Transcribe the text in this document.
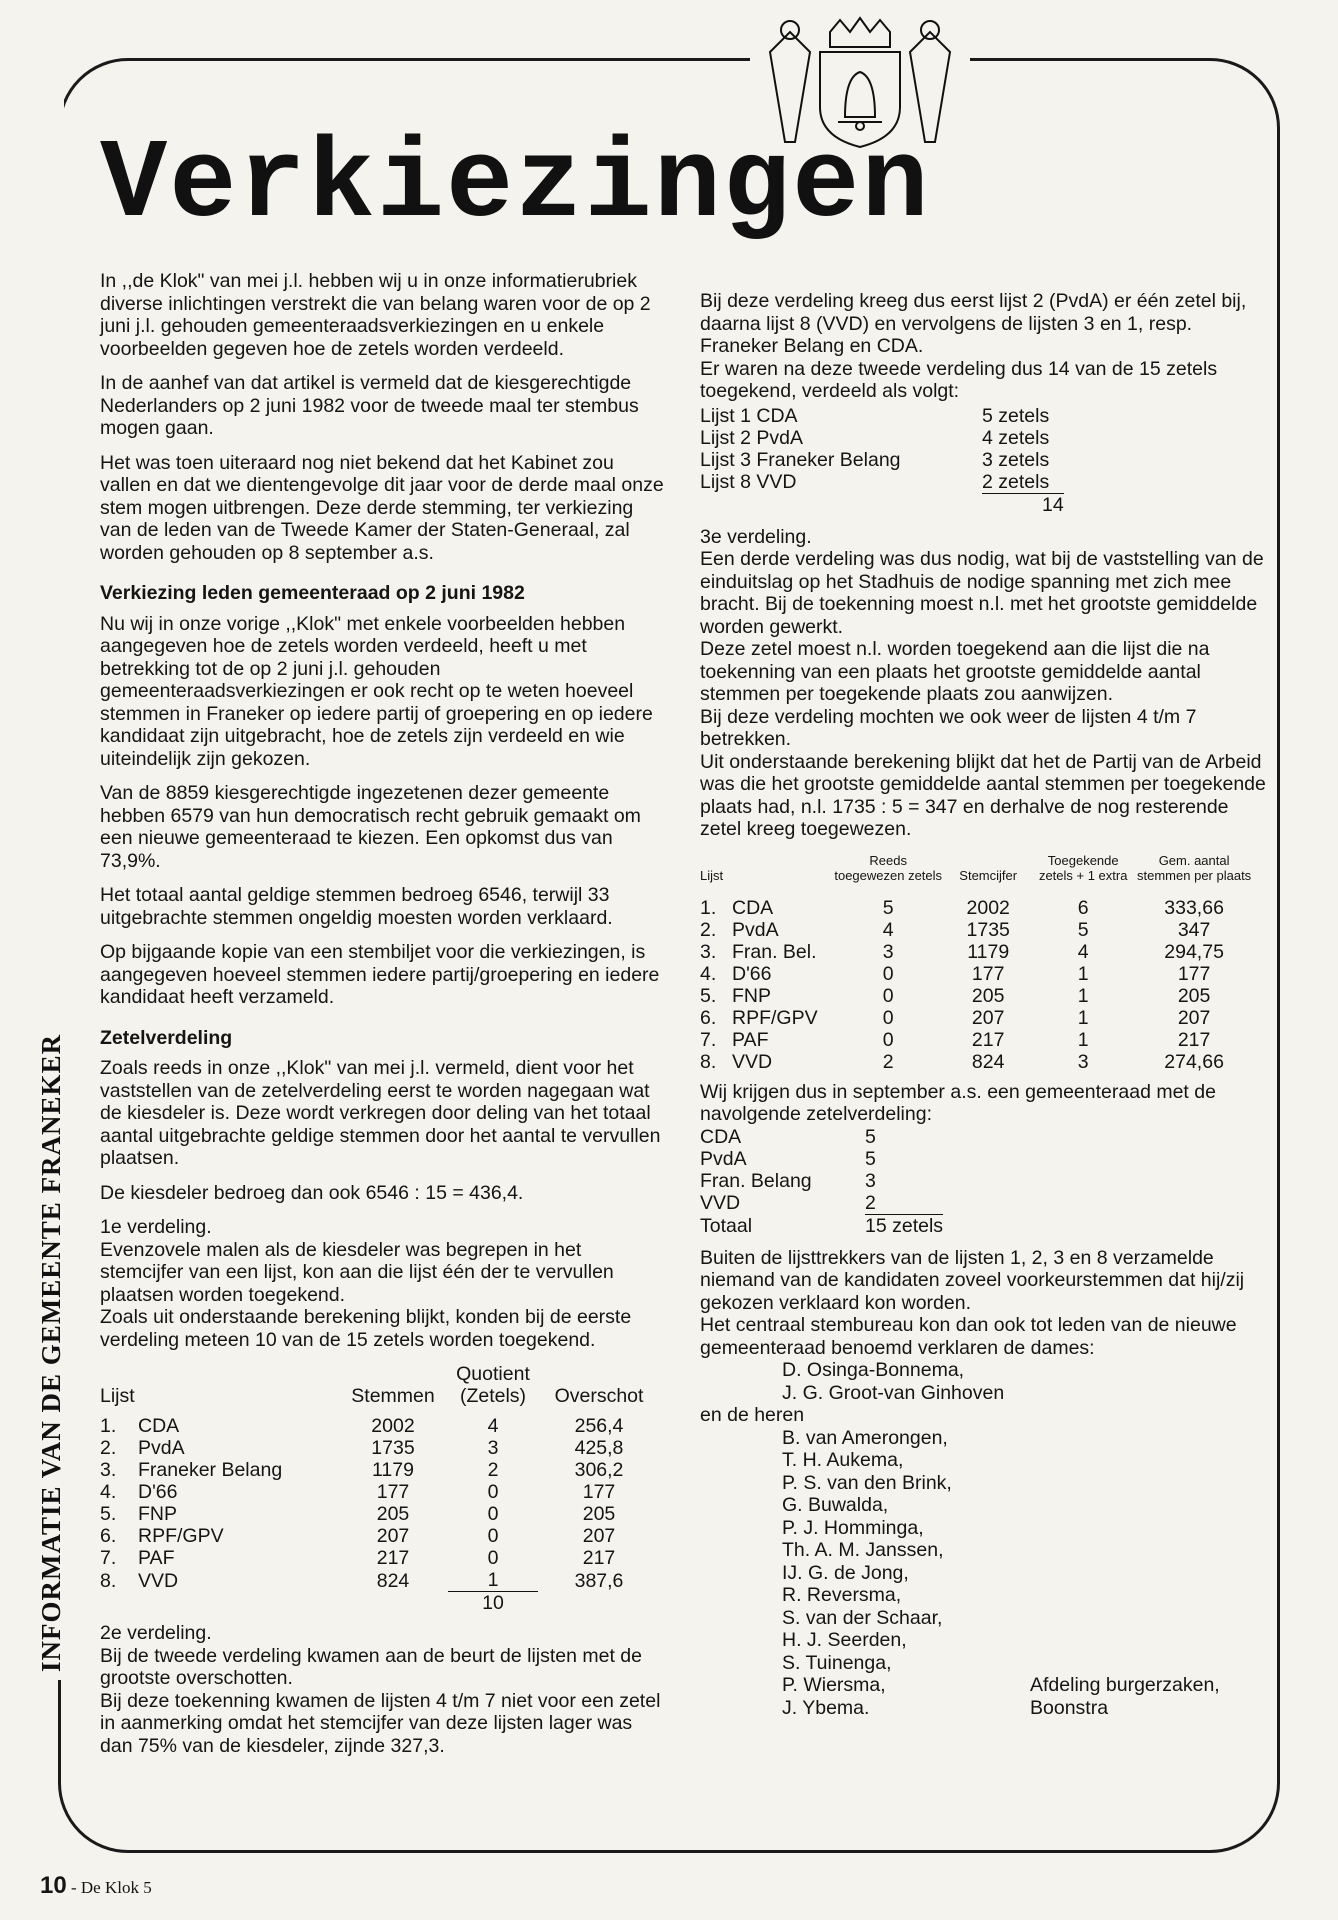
INFORMATIE VAN DE GEMEENTE FRANEKER
Verkiezingen

In ,,de Klok" van mei j.l. hebben wij u in onze informatierubriek diverse inlichtingen verstrekt die van belang waren voor de op 2 juni j.l. gehouden gemeenteraadsverkiezingen en u enkele voorbeelden gegeven hoe de zetels worden verdeeld.

In de aanhef van dat artikel is vermeld dat de kiesgerechtigde Nederlanders op 2 juni 1982 voor de tweede maal ter stembus mogen gaan.

Het was toen uiteraard nog niet bekend dat het Kabinet zou vallen en dat we dientengevolge dit jaar voor de derde maal onze stem mogen uitbrengen. Deze derde stemming, ter verkiezing van de leden van de Tweede Kamer der Staten-Generaal, zal worden gehouden op 8 september a.s.

Verkiezing leden gemeenteraad op 2 juni 1982

Nu wij in onze vorige ,,Klok" met enkele voorbeelden hebben aangegeven hoe de zetels worden verdeeld, heeft u met betrekking tot de op 2 juni j.l. gehouden gemeenteraadsverkiezingen er ook recht op te weten hoeveel stemmen in Franeker op iedere partij of groepering en op iedere kandidaat zijn uitgebracht, hoe de zetels zijn verdeeld en wie uiteindelijk zijn gekozen.

Van de 8859 kiesgerechtigde ingezetenen dezer gemeente hebben 6579 van hun democratisch recht gebruik gemaakt om een nieuwe gemeenteraad te kiezen. Een opkomst dus van 73,9%.

Het totaal aantal geldige stemmen bedroeg 6546, terwijl 33 uitgebrachte stemmen ongeldig moesten worden verklaard.

Op bijgaande kopie van een stembiljet voor die verkiezingen, is aangegeven hoeveel stemmen iedere partij/groepering en iedere kandidaat heeft verzameld.

Zetelverdeling

Zoals reeds in onze ,,Klok" van mei j.l. vermeld, dient voor het vaststellen van de zetelverdeling eerst te worden nagegaan wat de kiesdeler is. Deze wordt verkregen door deling van het totaal aantal uitgebrachte geldige stemmen door het aantal te vervullen plaatsen.

De kiesdeler bedroeg dan ook 6546 : 15 = 436,4.

1e verdeling.

Evenzovele malen als de kiesdeler was begrepen in het stemcijfer van een lijst, kon aan die lijst één der te vervullen plaatsen worden toegekend.

Zoals uit onderstaande berekening blijkt, konden bij de eerste verdeling meteen 10 van de 15 zetels worden toegekend.

Lijst		Stemmen	Quotient (Zetels)	Overschot

1.	CDA	2002	4	256,4
2.	PvdA	1735	3	425,8
3.	Franeker Belang	1179	2	306,2
4.	D'66	177	0	177
5.	FNP	205	0	205
6.	RPF/GPV	207	0	207
7.	PAF	217	0	217
8.	VVD	824	1	387,6
			10	

2e verdeling.

Bij de tweede verdeling kwamen aan de beurt de lijsten met de grootste overschotten.

Bij deze toekenning kwamen de lijsten 4 t/m 7 niet voor een zetel in aanmerking omdat het stemcijfer van deze lijsten lager was dan 75% van de kiesdeler, zijnde 327,3.

Bij deze verdeling kreeg dus eerst lijst 2 (PvdA) er één zetel bij, daarna lijst 8 (VVD) en vervolgens de lijsten 3 en 1, resp. Franeker Belang en CDA.

Er waren na deze tweede verdeling dus 14 van de 15 zetels toegekend, verdeeld als volgt:

Lijst 1 CDA	5 zetels
Lijst 2 PvdA	4 zetels
Lijst 3 Franeker Belang	3 zetels
Lijst 8 VVD	2 zetels
	14

3e verdeling.

Een derde verdeling was dus nodig, wat bij de vaststelling van de einduitslag op het Stadhuis de nodige spanning met zich mee bracht. Bij de toekenning moest n.l. met het grootste gemiddelde worden gewerkt.

Deze zetel moest n.l. worden toegekend aan die lijst die na toekenning van een plaats het grootste gemiddelde aantal stemmen per toegekende plaats zou aanwijzen.

Bij deze verdeling mochten we ook weer de lijsten 4 t/m 7 betrekken.

Uit onderstaande berekening blijkt dat het de Partij van de Arbeid was die het grootste gemiddelde aantal stemmen per toegekende plaats had, n.l. 1735 : 5 = 347 en derhalve de nog resterende zetel kreeg toegewezen.

Lijst		Reeds toegewezen zetels	Stemcijfer	Toegekende zetels + 1 extra	Gem. aantal stemmen per plaats
1.	CDA	5	2002	6	333,66
2.	PvdA	4	1735	5	347
3.	Fran. Bel.	3	1179	4	294,75
4.	D'66	0	177	1	177
5.	FNP	0	205	1	205
6.	RPF/GPV	0	207	1	207
7.	PAF	0	217	1	217
8.	VVD	2	824	3	274,66

Wij krijgen dus in september a.s. een gemeenteraad met de navolgende zetelverdeling:

CDA	5
PvdA	5
Fran. Belang	3
VVD	2
Totaal	15 zetels

Buiten de lijsttrekkers van de lijsten 1, 2, 3 en 8 verzamelde niemand van de kandidaten zoveel voorkeurstemmen dat hij/zij gekozen verklaard kon worden.

Het centraal stembureau kon dan ook tot leden van de nieuwe gemeenteraad benoemd verklaren de dames:

D. Osinga-Bonnema,
J. G. Groot-van Ginhoven
en de heren
B. van Amerongen,
T. H. Aukema,
P. S. van den Brink,
G. Buwalda,
P. J. Homminga,
Th. A. M. Janssen,
IJ. G. de Jong,
R. Reversma,
S. van der Schaar,
H. J. Seerden,
S. Tuinenga,
P. Wiersma,
J. Ybema.
Afdeling burgerzaken,
Boonstra
10 - De Klok 5
